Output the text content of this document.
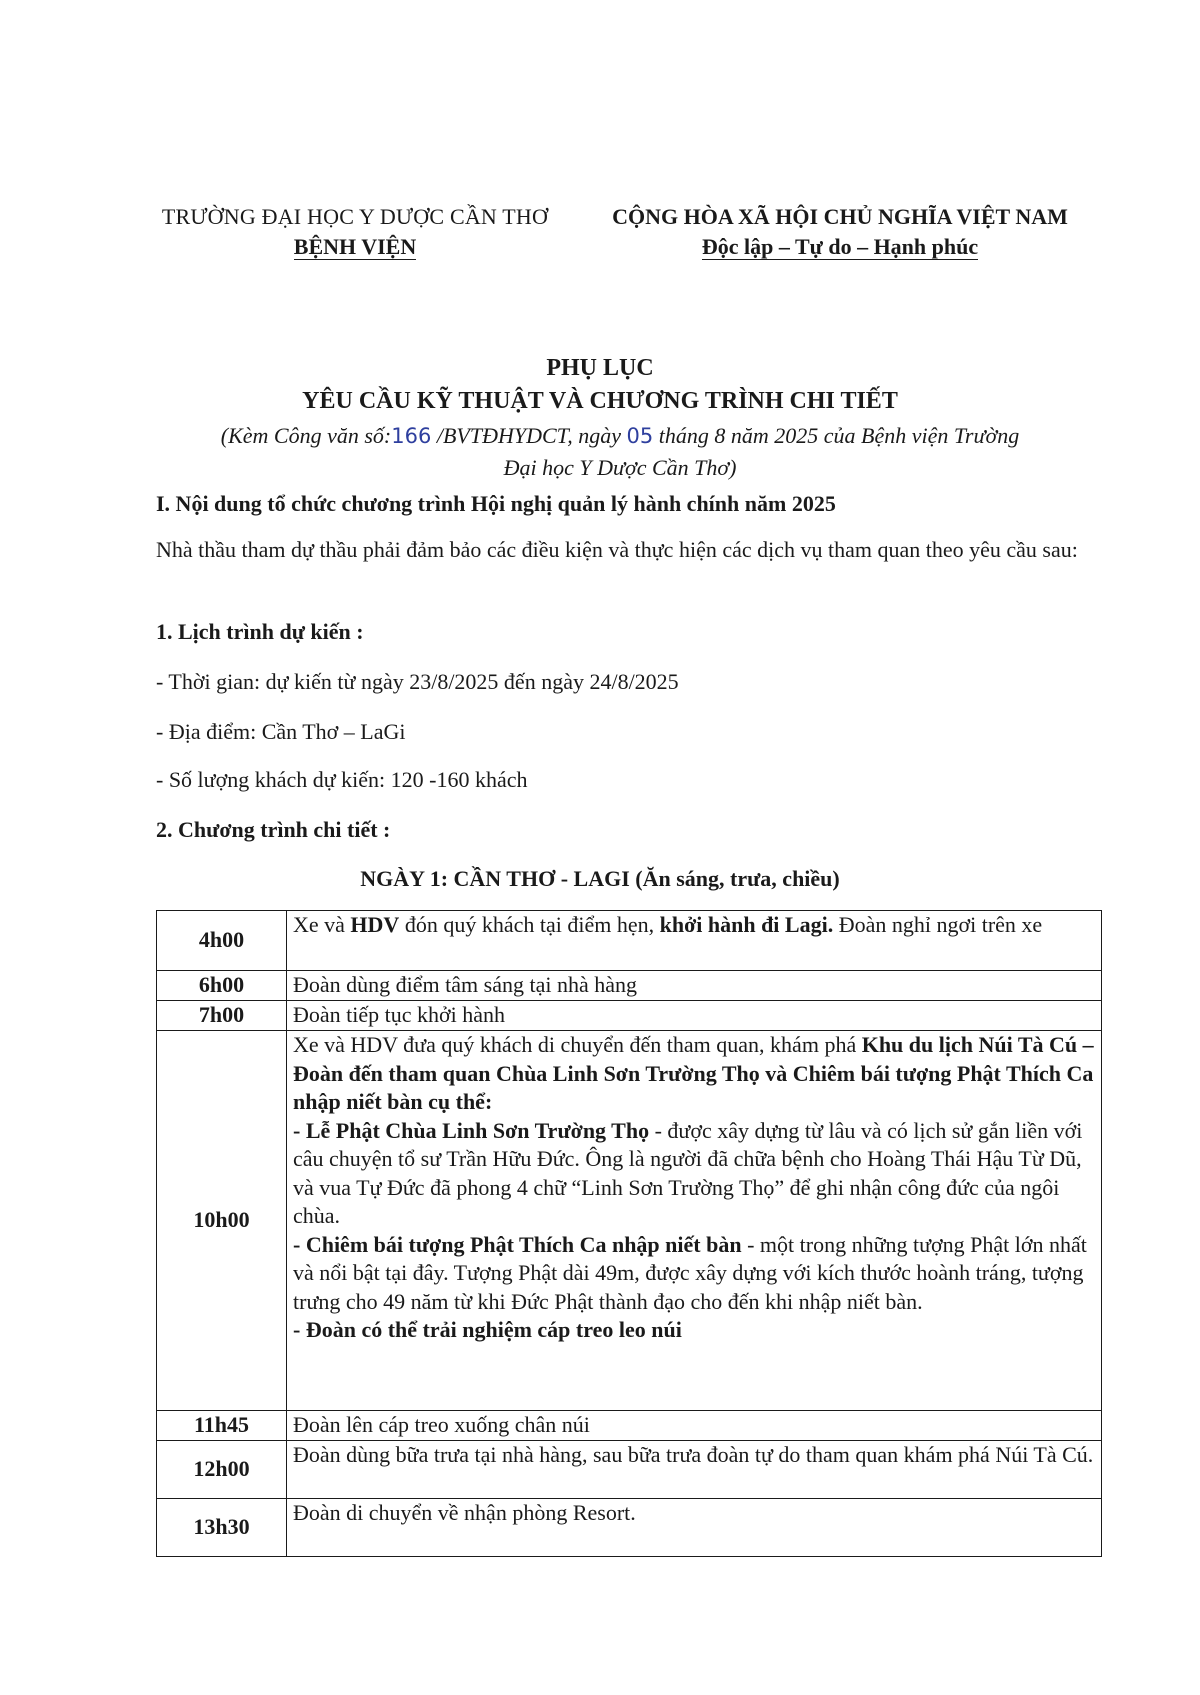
TRƯỜNG ĐẠI HỌC Y DƯỢC CẦN THƠ
BỆNH VIỆN
CỘNG HÒA XÃ HỘI CHỦ NGHĨA VIỆT NAM
Độc lập – Tự do – Hạnh phúc
PHỤ LỤC
YÊU CẦU KỸ THUẬT VÀ CHƯƠNG TRÌNH CHI TIẾT
(Kèm Công văn số:166 /BVTĐHYDCT, ngày 05 tháng 8 năm 2025 của Bệnh viện Trường
Đại học Y Dược Cần Thơ)
I. Nội dung tổ chức chương trình Hội nghị quản lý hành chính năm 2025
Nhà thầu tham dự thầu phải đảm bảo các điều kiện và thực hiện các dịch vụ tham quan theo yêu cầu sau:
1. Lịch trình dự kiến :
- Thời gian: dự kiến từ ngày 23/8/2025 đến ngày 24/8/2025
- Địa điểm: Cần Thơ – LaGi
- Số lượng khách dự kiến: 120 -160 khách
2. Chương trình chi tiết :
NGÀY 1: CẦN THƠ - LAGI (Ăn sáng, trưa, chiều)
4h00	Xe và HDV đón quý khách tại điểm hẹn, khởi hành đi Lagi. Đoàn nghỉ ngơi trên xe
6h00	Đoàn dùng điểm tâm sáng tại nhà hàng
7h00	Đoàn tiếp tục khởi hành
10h00	Xe và HDV đưa quý khách di chuyển đến tham quan, khám phá Khu du lịch Núi Tà Cú – Đoàn đến tham quan Chùa Linh Sơn Trường Thọ và Chiêm bái tượng Phật Thích Ca nhập niết bàn cụ thể:
- Lễ Phật Chùa Linh Sơn Trường Thọ - được xây dựng từ lâu và có lịch sử gắn liền với câu chuyện tổ sư Trần Hữu Đức. Ông là người đã chữa bệnh cho Hoàng Thái Hậu Từ Dũ, và vua Tự Đức đã phong 4 chữ “Linh Sơn Trường Thọ” để ghi nhận công đức của ngôi chùa.
- Chiêm bái tượng Phật Thích Ca nhập niết bàn - một trong những tượng Phật lớn nhất và nổi bật tại đây. Tượng Phật dài 49m, được xây dựng với kích thước hoành tráng, tượng trưng cho 49 năm từ khi Đức Phật thành đạo cho đến khi nhập niết bàn.
- Đoàn có thể trải nghiệm cáp treo leo núi
11h45	Đoàn lên cáp treo xuống chân núi
12h00	Đoàn dùng bữa trưa tại nhà hàng, sau bữa trưa đoàn tự do tham quan khám phá Núi Tà Cú.
13h30	Đoàn di chuyển về nhận phòng Resort.
